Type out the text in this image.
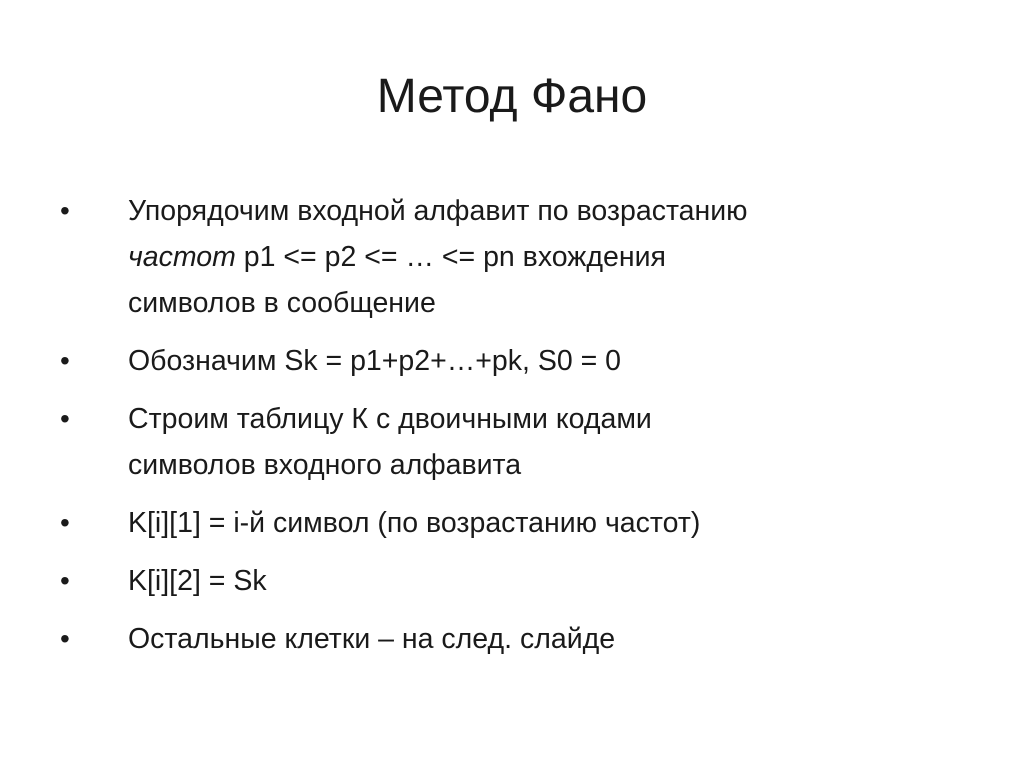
Метод Фано
•	Упорядочим входной алфавит по возрастанию
частот p1 <= p2 <= … <= pn вхождения
символов в сообщение
•	Обозначим Sk = p1+p2+…+pk, S0 = 0
•	Строим таблицу К с двоичными кодами
символов входного алфавита
•	K[i][1] = i-й символ (по возрастанию частот)
•	K[i][2] = Sk
•	Остальные клетки – на след. слайде
